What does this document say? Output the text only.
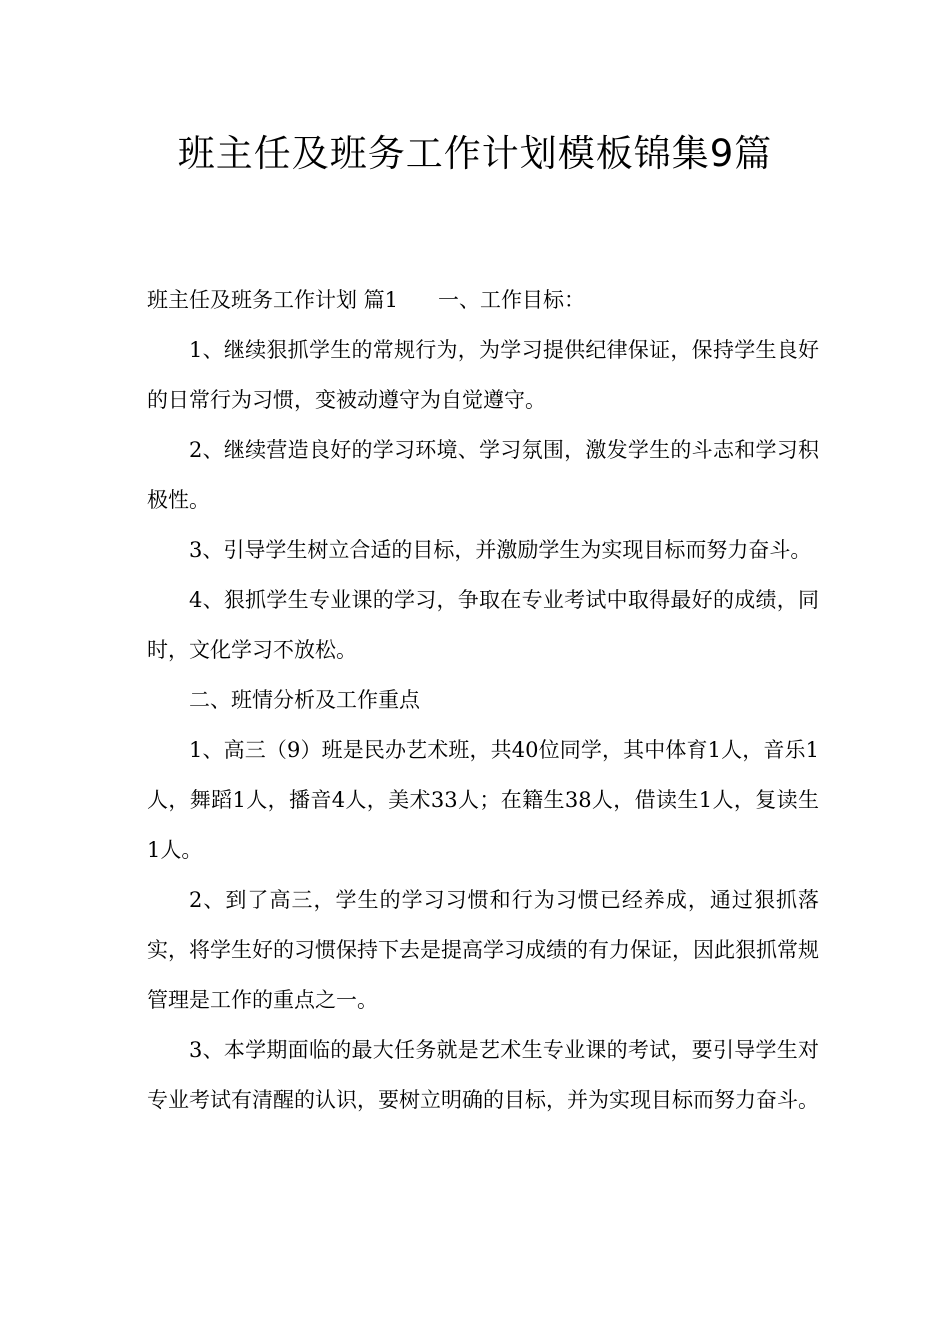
班主任及班务工作计划模板锦集9篇

班主任及班务工作计划 篇1 一、工作目标：

1、继续狠抓学生的常规行为，为学习提供纪律保证，保持学生良好的日常行为习惯，变被动遵守为自觉遵守。

2、继续营造良好的学习环境、学习氛围，激发学生的斗志和学习积极性。

3、引导学生树立合适的目标，并激励学生为实现目标而努力奋斗。

4、狠抓学生专业课的学习，争取在专业考试中取得最好的成绩，同时，文化学习不放松。

二、班情分析及工作重点

1、高三（9）班是民办艺术班，共40位同学，其中体育1人，音乐1人，舞蹈1人，播音4人，美术33人；在籍生38人，借读生1人，复读生1人。

2、到了高三，学生的学习习惯和行为习惯已经养成，通过狠抓落实，将学生好的习惯保持下去是提高学习成绩的有力保证，因此狠抓常规管理是工作的重点之一。

3、本学期面临的最大任务就是艺术生专业课的考试，要引导学生对专业考试有清醒的认识，要树立明确的目标，并为实现目标而努力奋斗。
